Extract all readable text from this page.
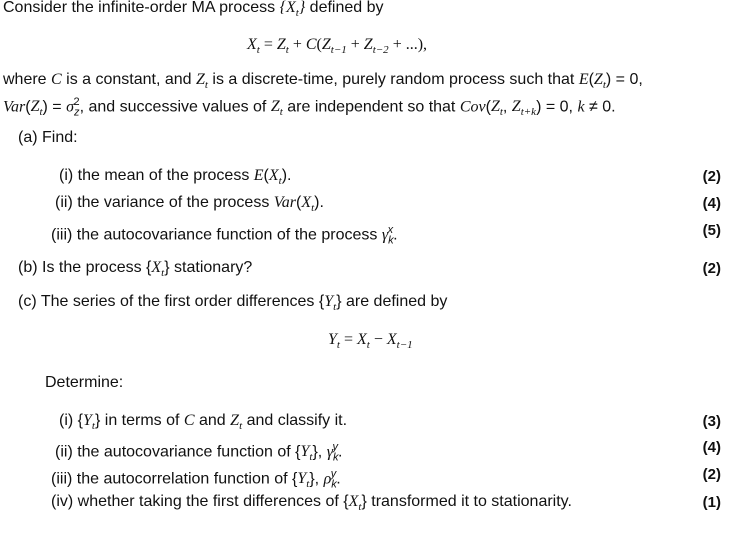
Consider the infinite-order MA process $\{X_t\}$ defined by
$X_t = Z_t + C(Z_{t-1} + Z_{t-2}$ + ...),
where C is a constant, and $Z_t$ is a discrete-time, purely random process such that $E(Z_t) = 0$,
$Var(Z_t) = \sigma_z^2$, and successive values of $Z_t$ are independent so that $Cov(Z_t$, $Z_{t+k}) = 0$, k ≠ 0.
(a) Find:
(i) the mean of the process $E(X_t)$.	(2)
(ii) the variance of the process $Var(X_t)$.	(4)
(iii) the autocovariance function of the process $\gamma_k^x$.	(5)
(b) Is the process $\{X_t\}$ stationary?	(2)
(c) The series of the first order differences $\{Y_t\}$ are defined by
$Y_t = X_t - X_{t-1}$
Determine:
(i) $\{Y_t\}$ in terms of C and $Z_t$ and classify it.	(3)
(ii) the autocovariance function of $\{Y_t\}$, $\gamma_k^y$.	(4)
(iii) the autocorrelation function of $\{Y_t\}$, $\rho_k^y$.	(2)
(iv) whether taking the first differences of $\{X_t\}$ transformed it to stationarity.	(1)
